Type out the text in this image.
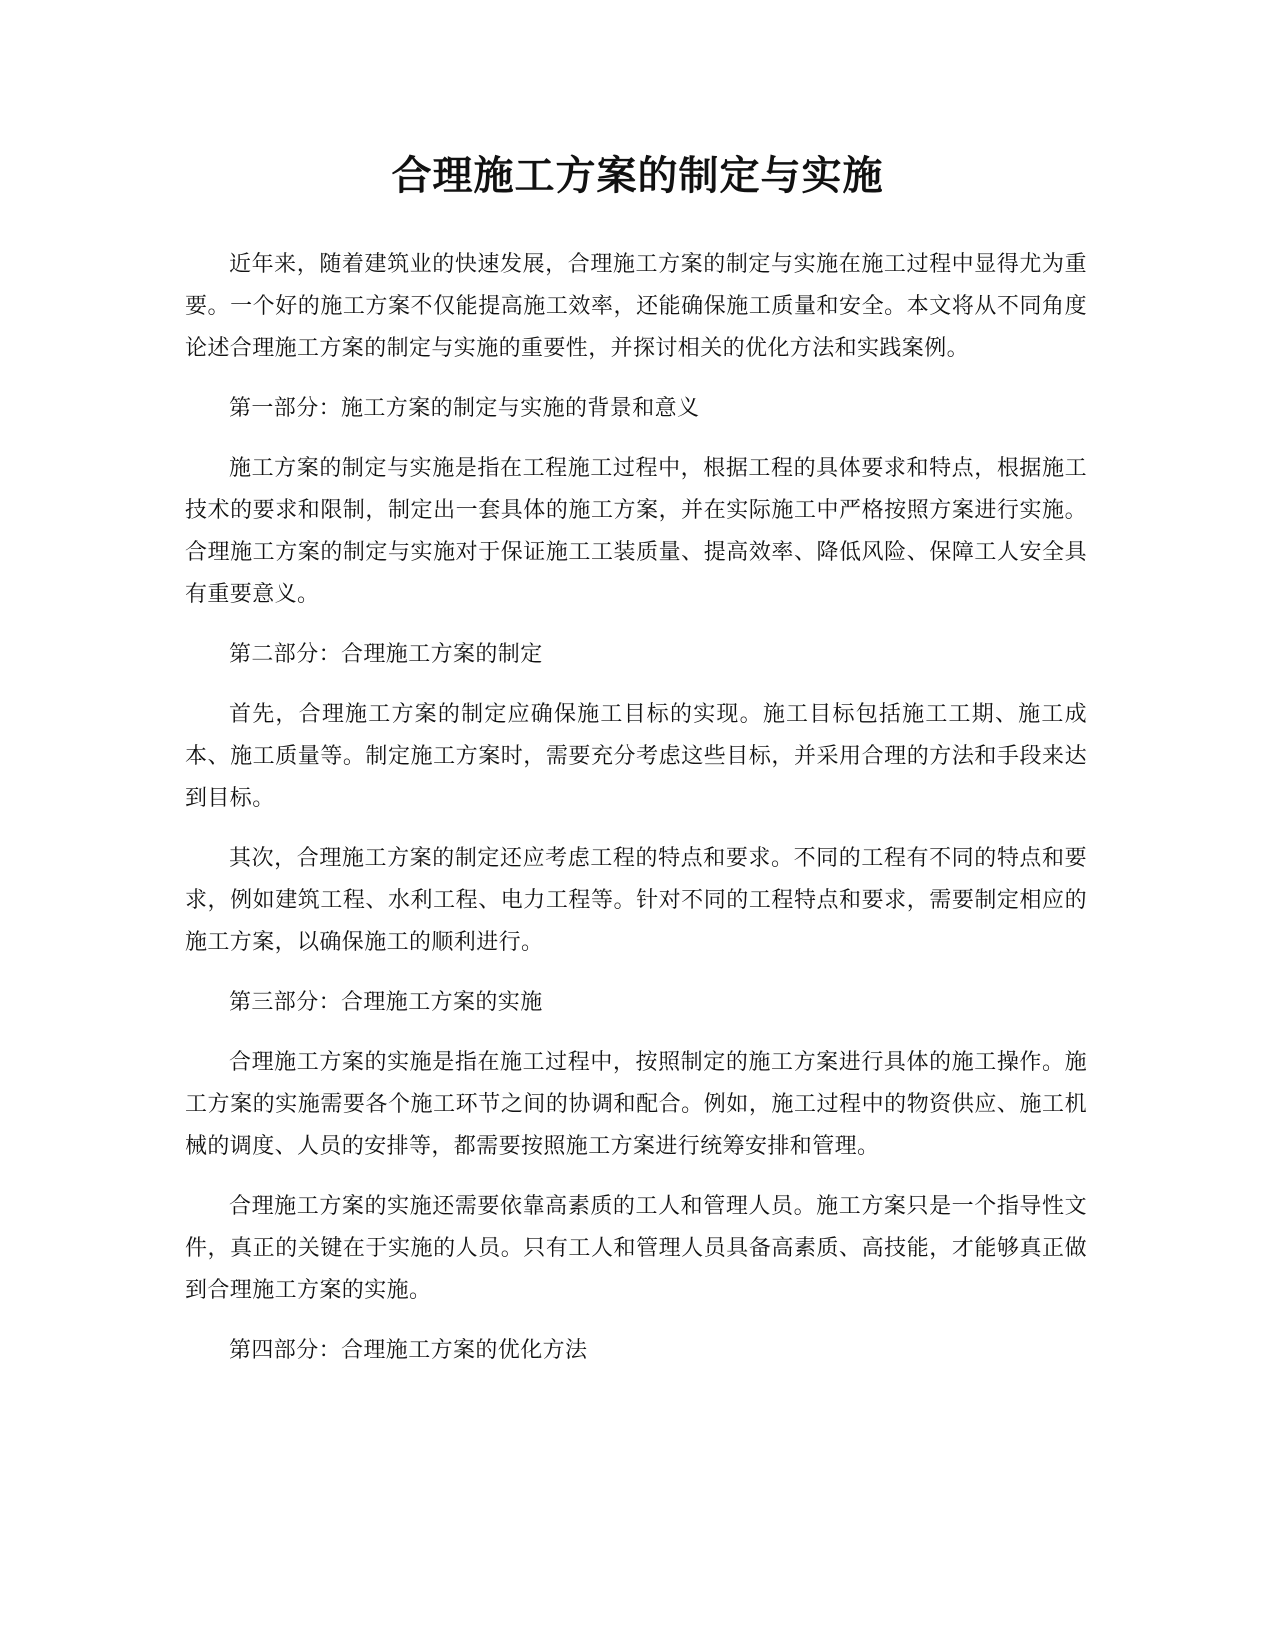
合理施工方案的制定与实施

近年来，随着建筑业的快速发展，合理施工方案的制定与实施在施工过程中显得尤为重要。一个好的施工方案不仅能提高施工效率，还能确保施工质量和安全。本文将从不同角度论述合理施工方案的制定与实施的重要性，并探讨相关的优化方法和实践案例。

第一部分：施工方案的制定与实施的背景和意义

施工方案的制定与实施是指在工程施工过程中，根据工程的具体要求和特点，根据施工技术的要求和限制，制定出一套具体的施工方案，并在实际施工中严格按照方案进行实施。合理施工方案的制定与实施对于保证施工工装质量、提高效率、降低风险、保障工人安全具有重要意义。

第二部分：合理施工方案的制定

首先，合理施工方案的制定应确保施工目标的实现。施工目标包括施工工期、施工成本、施工质量等。制定施工方案时，需要充分考虑这些目标，并采用合理的方法和手段来达到目标。

其次，合理施工方案的制定还应考虑工程的特点和要求。不同的工程有不同的特点和要求，例如建筑工程、水利工程、电力工程等。针对不同的工程特点和要求，需要制定相应的施工方案，以确保施工的顺利进行。

第三部分：合理施工方案的实施

合理施工方案的实施是指在施工过程中，按照制定的施工方案进行具体的施工操作。施工方案的实施需要各个施工环节之间的协调和配合。例如，施工过程中的物资供应、施工机械的调度、人员的安排等，都需要按照施工方案进行统筹安排和管理。

合理施工方案的实施还需要依靠高素质的工人和管理人员。施工方案只是一个指导性文件，真正的关键在于实施的人员。只有工人和管理人员具备高素质、高技能，才能够真正做到合理施工方案的实施。

第四部分：合理施工方案的优化方法
